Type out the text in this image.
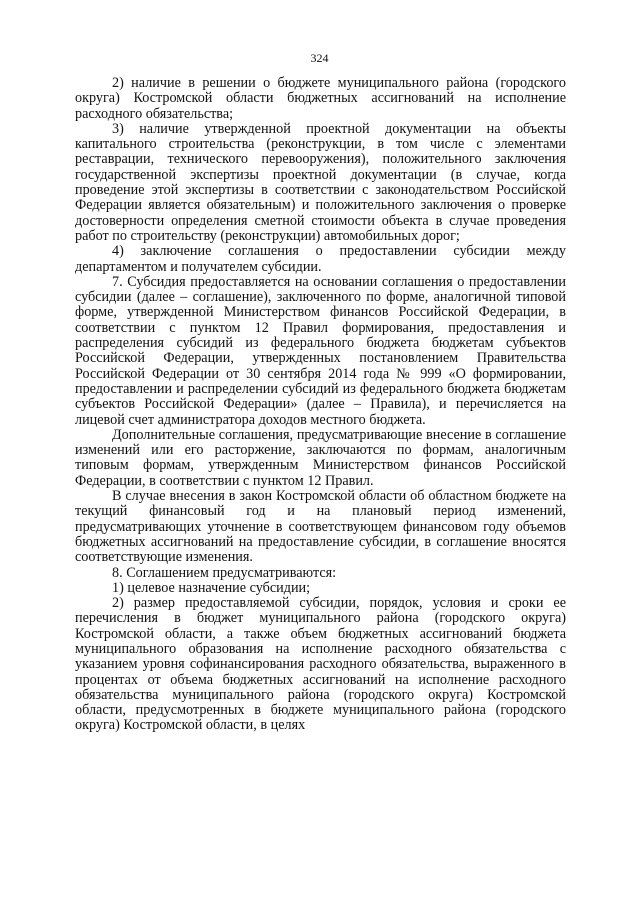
324

2) наличие в решении о бюджете муниципального района (городского округа) Костромской области бюджетных ассигнований на исполнение расходного обязательства;

3) наличие утвержденной проектной документации на объекты капитального строительства (реконструкции, в том числе с элементами реставрации, технического перевооружения), положительного заключения государственной экспертизы проектной документации (в случае, когда проведение этой экспертизы в соответствии с законодательством Российской Федерации является обязательным) и положительного заключения о проверке достоверности определения сметной стоимости объекта в случае проведения работ по строительству (реконструкции) автомобильных дорог;

4) заключение соглашения о предоставлении субсидии между департаментом и получателем субсидии.

7. Субсидия предоставляется на основании соглашения о предоставлении субсидии (далее – соглашение), заключенного по форме, аналогичной типовой форме, утвержденной Министерством финансов Российской Федерации, в соответствии с пунктом 12 Правил формирования, предоставления и распределения субсидий из федерального бюджета бюджетам субъектов Российской Федерации, утвержденных постановлением Правительства Российской Федерации от 30 сентября 2014 года № 999 «О формировании, предоставлении и распределении субсидий из федерального бюджета бюджетам субъектов Российской Федерации» (далее – Правила), и перечисляется на лицевой счет администратора доходов местного бюджета.

Дополнительные соглашения, предусматривающие внесение в соглашение изменений или его расторжение, заключаются по формам, аналогичным типовым формам, утвержденным Министерством финансов Российской Федерации, в соответствии с пунктом 12 Правил.

В случае внесения в закон Костромской области об областном бюджете на текущий финансовый год и на плановый период изменений, предусматривающих уточнение в соответствующем финансовом году объемов бюджетных ассигнований на предоставление субсидии, в соглашение вносятся соответствующие изменения.

8. Соглашением предусматриваются:

1) целевое назначение субсидии;

2) размер предоставляемой субсидии, порядок, условия и сроки ее перечисления в бюджет муниципального района (городского округа) Костромской области, а также объем бюджетных ассигнований бюджета муниципального образования на исполнение расходного обязательства с указанием уровня софинансирования расходного обязательства, выраженного в процентах от объема бюджетных ассигнований на исполнение расходного обязательства муниципального района (городского округа) Костромской области, предусмотренных в бюджете муниципального района (городского округа) Костромской области, в целях
